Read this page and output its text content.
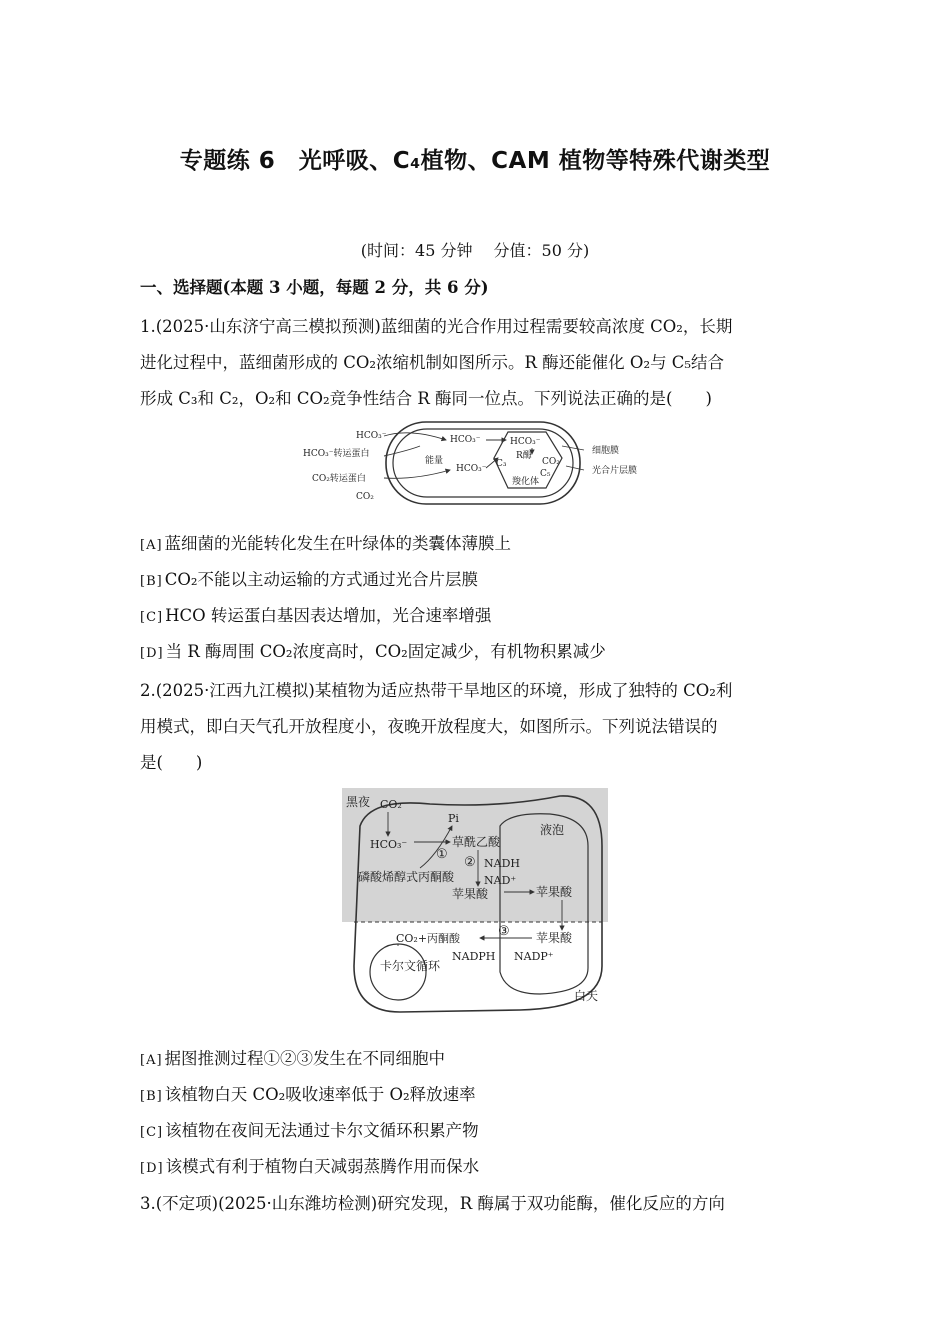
专题练 6　光呼吸、C₄植物、CAM 植物等特殊代谢类型
(时间：45 分钟　 分值：50 分)
一、选择题(本题 3 小题，每题 2 分，共 6 分)
1.(2025·山东济宁高三模拟预测)蓝细菌的光合作用过程需要较高浓度 CO₂，长期
进化过程中，蓝细菌形成的 CO₂浓缩机制如图所示。R 酶还能催化 O₂与 C₅结合
形成 C₃和 C₂，O₂和 CO₂竞争性结合 R 酶同一位点。下列说法正确的是(　　)
HCO₃⁻
HCO₃⁻转运蛋白
CO₂转运蛋白
CO₂
能量
HCO₃⁻
HCO₃⁻
HCO₃⁻
R酶
C₃	CO₂
C₅
羧化体
细胞膜
光合片层膜
[A] 蓝细菌的光能转化发生在叶绿体的类囊体薄膜上
[B] CO₂不能以主动运输的方式通过光合片层膜
[C] HCO 转运蛋白基因表达增加，光合速率增强
[D] 当 R 酶周围 CO₂浓度高时，CO₂固定减少，有机物积累减少
2.(2025·江西九江模拟)某植物为适应热带干旱地区的环境，形成了独特的 CO₂利
用模式，即白天气孔开放程度小，夜晚开放程度大，如图所示。下列说法错误的
是(　　)
黑夜 CO₂
Pi
HCO₃⁻
①
草酰乙酸
② NADH
NAD⁺
磷酸烯醇式丙酮酸
苹果酸	苹果酸
液泡
③
CO₂+丙酮酸	苹果酸
NADPH NADP⁺
卡尔文循环
白天
[A] 据图推测过程①②③发生在不同细胞中
[B] 该植物白天 CO₂吸收速率低于 O₂释放速率
[C] 该植物在夜间无法通过卡尔文循环积累产物
[D] 该模式有利于植物白天减弱蒸腾作用而保水
3.(不定项)(2025·山东潍坊检测)研究发现，R 酶属于双功能酶，催化反应的方向
